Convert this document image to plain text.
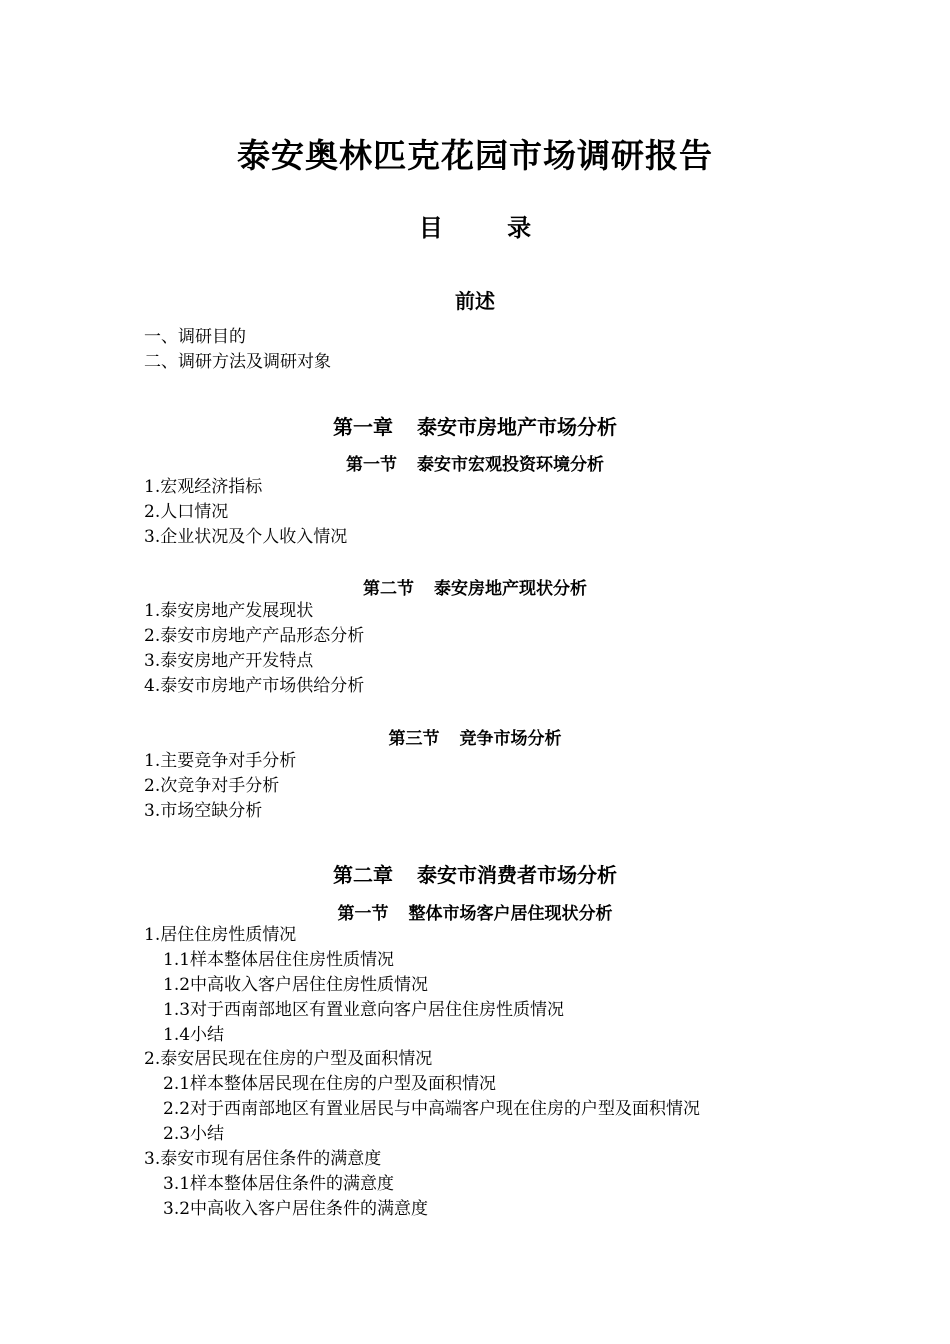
泰安奥林匹克花园市场调研报告
目 录
前述
一、调研目的
二、调研方法及调研对象
第一章 泰安市房地产市场分析
第一节 泰安市宏观投资环境分析
1.宏观经济指标
2.人口情况
3.企业状况及个人收入情况
第二节 泰安房地产现状分析
1.泰安房地产发展现状
2.泰安市房地产产品形态分析
3.泰安房地产开发特点
4.泰安市房地产市场供给分析
第三节 竞争市场分析
1.主要竞争对手分析
2.次竞争对手分析
3.市场空缺分析
第二章 泰安市消费者市场分析
第一节 整体市场客户居住现状分析
1.居住住房性质情况
1.1样本整体居住住房性质情况
1.2中高收入客户居住住房性质情况
1.3对于西南部地区有置业意向客户居住住房性质情况
1.4小结
2.泰安居民现在住房的户型及面积情况
2.1样本整体居民现在住房的户型及面积情况
2.2对于西南部地区有置业居民与中高端客户现在住房的户型及面积情况
2.3小结
3.泰安市现有居住条件的满意度
3.1样本整体居住条件的满意度
3.2中高收入客户居住条件的满意度
